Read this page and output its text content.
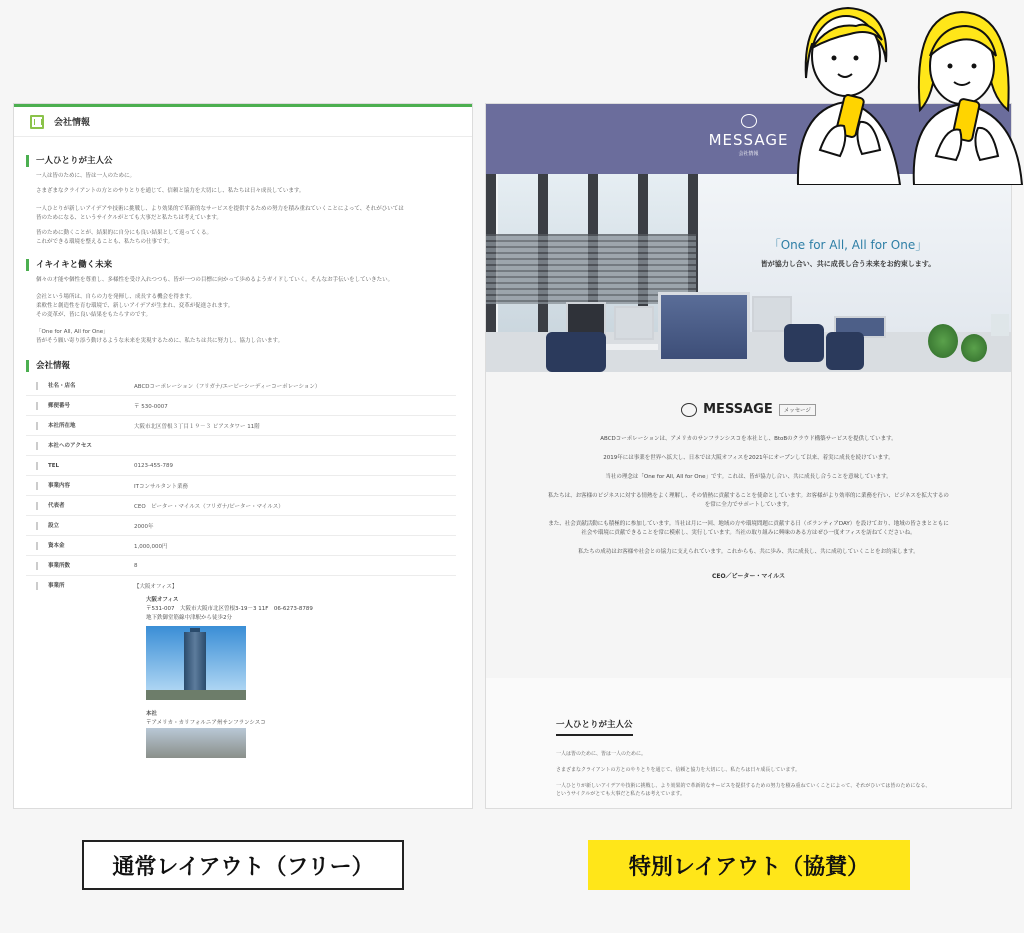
会社情報
一人ひとりが主人公
一人は皆のために、皆は一人のために。
さまざまなクライアントの方とのやりとりを通じて、信頼と協力を大切にし、私たちは日々成長しています。
一人ひとりが新しいアイデアや技術に挑戦し、より効果的で革新的なサービスを提供するための努力を積み重ねていくことによって、それがひいては
皆のためになる、というサイクルがとても大事だと私たちは考えています。
皆のために動くことが、結果的に自分にも良い結果として返ってくる。
これができる環境を整えることも、私たちの仕事です。
イキイキと働く未来
個々の才能や個性を尊重し、多様性を受け入れつつも、皆が一つの目標に向かって歩めるようガイドしていく。そんなお手伝いをしていきたい。
会社という場所は、自らの力を発揮し、成長する機会を得ます。
柔軟性と創造性を育む環境で、新しいアイデアが生まれ、変革が促進されます。
その変革が、皆に良い結果をもたらすのです。
「One for All, All for One」
皆がそう願い寄り添う動けるような未来を実現するために、私たちは共に努力し、協力し合います。
会社情報
社名・店名	ABCDコーポレーション（フリガナ/エービーシーディーコーポレーション）
郵便番号	〒 530-0007
本社所在地	大阪市北区曽根３丁目１９－３ ビアスタワー 11階
本社へのアクセス
TEL	0123-455-789
事業内容	ITコンサルタント業務
代表者	CEO　ピーター・マイルス（フリガナ/ピーター・マイルス）
設立	2000年
資本金	1,000,000円
事業所数	8
事業所	【大阪オフィス】
大阪オフィス
〒531-007　大阪市大阪市北区曽根3-19－3 11F　06-6273-8789
地下鉄御堂筋線中津駅から徒歩2分
本社
〒アメリカ・カリフォルニア州サンフランシスコ
MESSAGE
会社情報
「One for All, All for One」
皆が協力し合い、共に成長し合う未来をお約束します。
MESSAGE	メッセージ

ABCDコーポレーションは、アメリカのサンフランシスコを本社とし、BtoBのクラウド構築サービスを提供しています。

2019年には事業を世界へ拡大し、日本では大阪オフィスを2021年にオープンして以来、着実に成長を続けています。

当社の理念は「One for All, All for One」です。これは、皆が協力し合い、共に成長し合うことを意味しています。

私たちは、お客様のビジネスに対する情熱をよく理解し、その情熱に貢献することを使命としています。お客様がより効率的に業務を行い、ビジネスを拡大するのを常に全力でサポートしています。

また、社会貢献活動にも積極的に参加しています。当社は月に一回、地域の方や環境問題に貢献する日（ボランティアDAY）を設けており、地域の皆さまとともに社会や環境に貢献できることを常に模索し、実行しています。当社の取り組みに興味のある方はぜひ一度オフィスを訪ねてくださいね。

私たちの成功はお客様や社会との協力に支えられています。これからも、共に歩み、共に成長し、共に成功していくことをお約束します。

CEO／ピーター・マイルス
一人ひとりが主人公

一人は皆のために、皆は一人のために。

さまざまなクライアントの方とのやりとりを通じて、信頼と協力を大切にし、私たちは日々成長しています。

一人ひとりが新しいアイデアや技術に挑戦し、より効果的で革新的なサービスを提供するための努力を積み重ねていくことによって、それがひいては皆のためになる、

というサイクルがとても大事だと私たちは考えています。

通常レイアウト（フリー）	特別レイアウト（協賛）
